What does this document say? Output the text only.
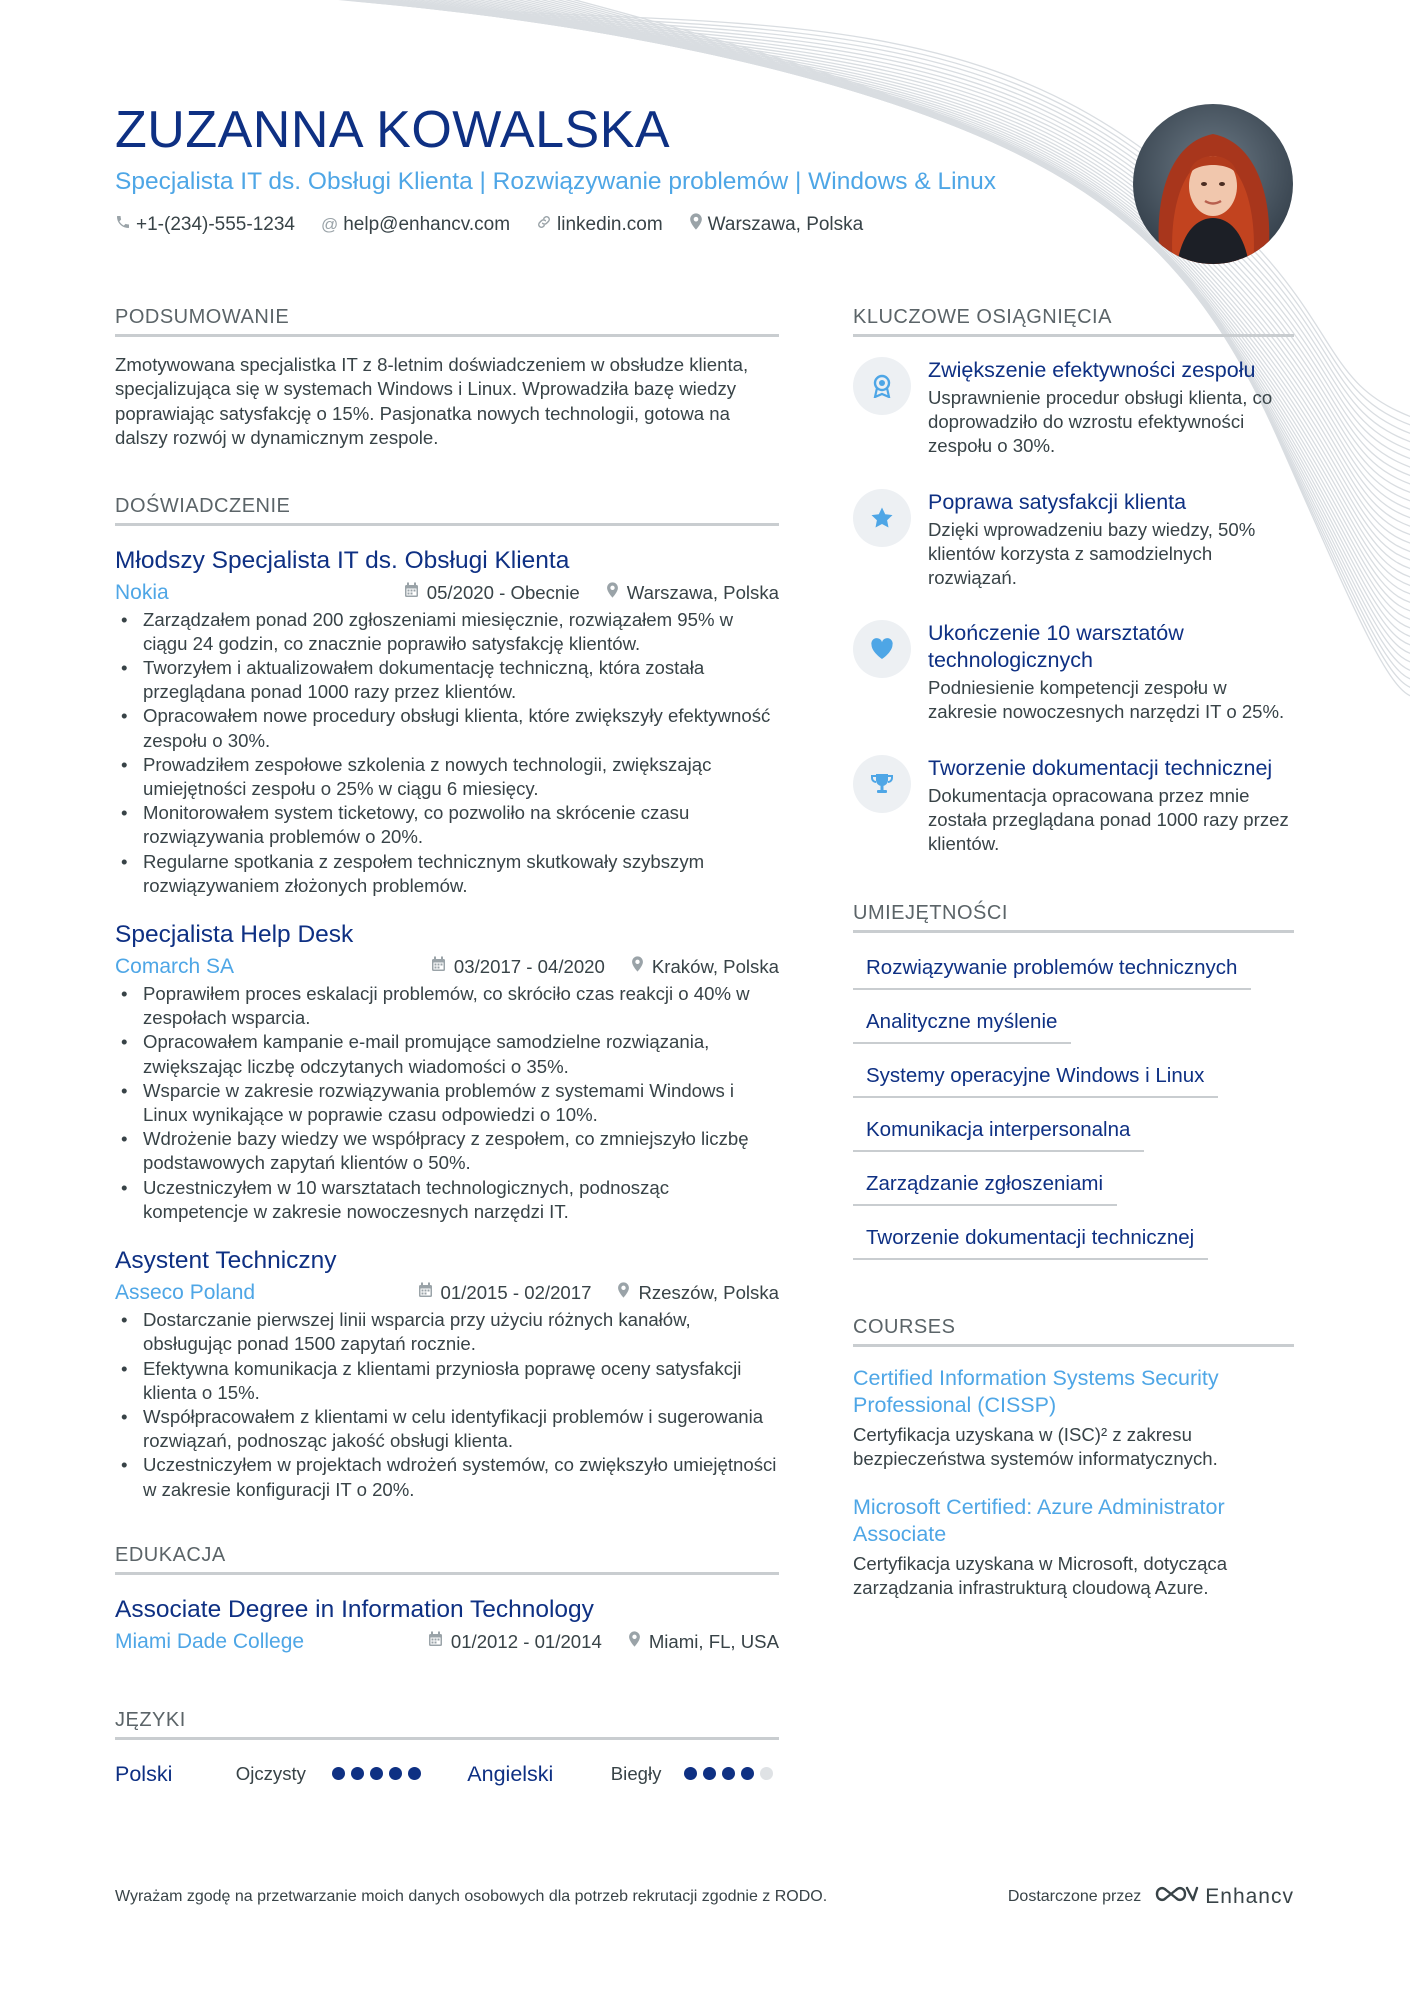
ZUZANNA KOWALSKA
Specjalista IT ds. Obsługi Klienta | Rozwiązywanie problemów | Windows & Linux
+1-(234)-555-1234 @ help@enhancv.com linkedin.com Warszawa, Polska
PODSUMOWANIE

Zmotywowana specjalistka IT z 8-letnim doświadczeniem w obsłudze klienta, specjalizująca się w systemach Windows i Linux. Wprowadziła bazę wiedzy poprawiając satysfakcję o 15%. Pasjonatka nowych technologii, gotowa na dalszy rozwój w dynamicznym zespole.

DOŚWIADCZENIE
Młodszy Specjalista IT ds. Obsługi Klienta
Nokia	05/2020 - Obecnie	Warszawa, Polska
• Zarządzałem ponad 200 zgłoszeniami miesięcznie, rozwiązałem 95% w ciągu 24 godzin, co znacznie poprawiło satysfakcję klientów.
• Tworzyłem i aktualizowałem dokumentację techniczną, która została przeglądana ponad 1000 razy przez klientów.
• Opracowałem nowe procedury obsługi klienta, które zwiększyły efektywność zespołu o 30%.
• Prowadziłem zespołowe szkolenia z nowych technologii, zwiększając umiejętności zespołu o 25% w ciągu 6 miesięcy.
• Monitorowałem system ticketowy, co pozwoliło na skrócenie czasu rozwiązywania problemów o 20%.
• Regularne spotkania z zespołem technicznym skutkowały szybszym rozwiązywaniem złożonych problemów.
Specjalista Help Desk
Comarch SA	03/2017 - 04/2020	Kraków, Polska
• Poprawiłem proces eskalacji problemów, co skróciło czas reakcji o 40% w zespołach wsparcia.
• Opracowałem kampanie e-mail promujące samodzielne rozwiązania, zwiększając liczbę odczytanych wiadomości o 35%.
• Wsparcie w zakresie rozwiązywania problemów z systemami Windows i Linux wynikające w poprawie czasu odpowiedzi o 10%.
• Wdrożenie bazy wiedzy we współpracy z zespołem, co zmniejszyło liczbę podstawowych zapytań klientów o 50%.
• Uczestniczyłem w 10 warsztatach technologicznych, podnosząc kompetencje w zakresie nowoczesnych narzędzi IT.
Asystent Techniczny
Asseco Poland	01/2015 - 02/2017	Rzeszów, Polska
• Dostarczanie pierwszej linii wsparcia przy użyciu różnych kanałów, obsługując ponad 1500 zapytań rocznie.
• Efektywna komunikacja z klientami przyniosła poprawę oceny satysfakcji klienta o 15%.
• Współpracowałem z klientami w celu identyfikacji problemów i sugerowania rozwiązań, podnosząc jakość obsługi klienta.
• Uczestniczyłem w projektach wdrożeń systemów, co zwiększyło umiejętności w zakresie konfiguracji IT o 20%.
EDUKACJA
Associate Degree in Information Technology
Miami Dade College	01/2012 - 01/2014	Miami, FL, USA
JĘZYKI
Polski	Ojczysty	Angielski	Biegły
KLUCZOWE OSIĄGNIĘCIA
Zwiększenie efektywności zespołu
Usprawnienie procedur obsługi klienta, co doprowadziło do wzrostu efektywności zespołu o 30%.
Poprawa satysfakcji klienta
Dzięki wprowadzeniu bazy wiedzy, 50% klientów korzysta z samodzielnych rozwiązań.
Ukończenie 10 warsztatów technologicznych
Podniesienie kompetencji zespołu w zakresie nowoczesnych narzędzi IT o 25%.
Tworzenie dokumentacji technicznej
Dokumentacja opracowana przez mnie została przeglądana ponad 1000 razy przez klientów.
UMIEJĘTNOŚCI
Rozwiązywanie problemów technicznych
Analityczne myślenie
Systemy operacyjne Windows i Linux
Komunikacja interpersonalna
Zarządzanie zgłoszeniami
Tworzenie dokumentacji technicznej
COURSES
Certified Information Systems Security Professional (CISSP)
Certyfikacja uzyskana w (ISC)² z zakresu bezpieczeństwa systemów informatycznych.
Microsoft Certified: Azure Administrator Associate
Certyfikacja uzyskana w Microsoft, dotycząca zarządzania infrastrukturą cloudową Azure.
Wyrażam zgodę na przetwarzanie moich danych osobowych dla potrzeb rekrutacji zgodnie z RODO.	Dostarczone przez	Enhancv
